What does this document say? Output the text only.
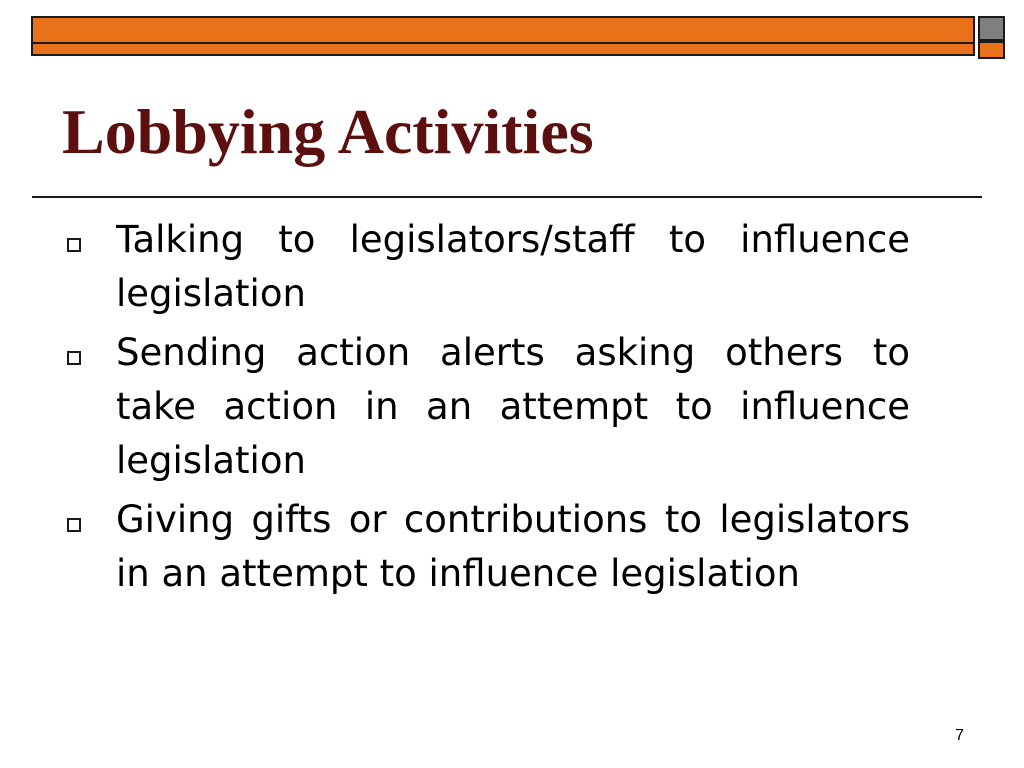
Lobbying Activities
Talking to legislators/staff to influence legislation
Sending action alerts asking others to take action in an attempt to influence legislation
Giving gifts or contributions to legislators in an attempt to influence legislation
7
